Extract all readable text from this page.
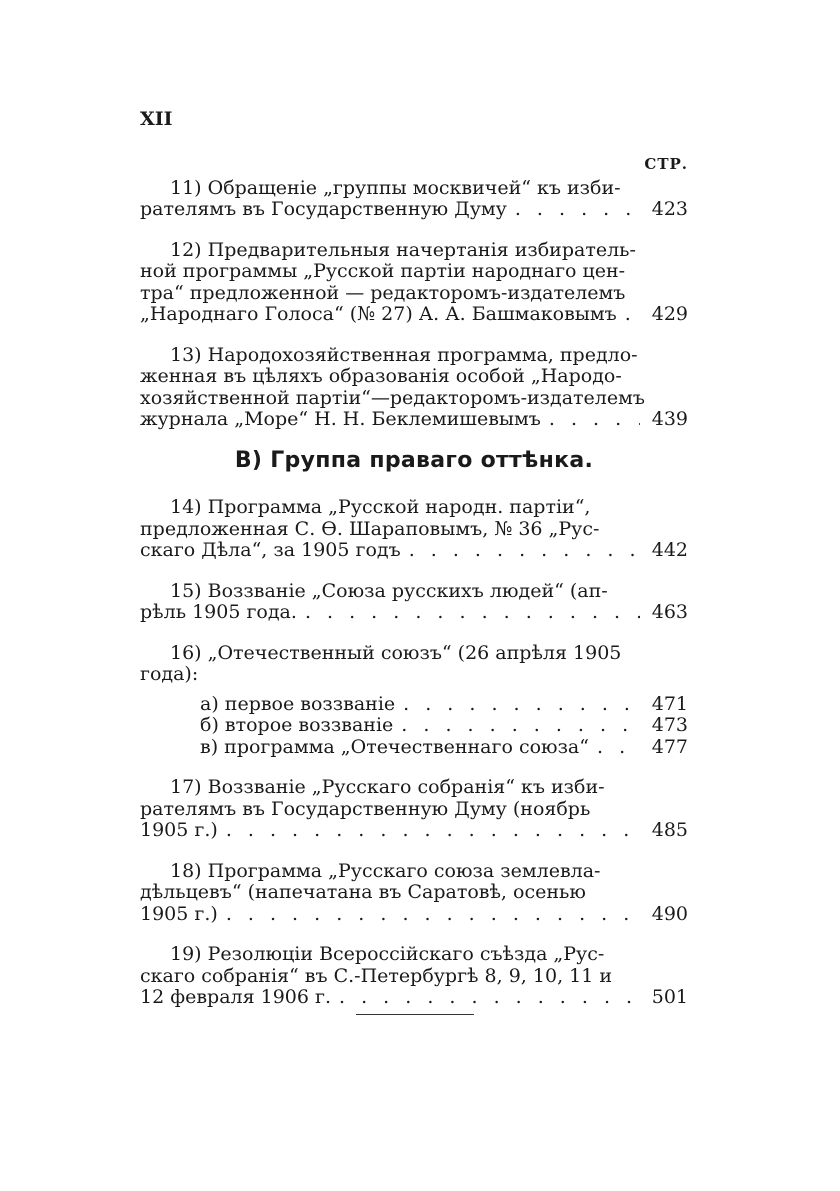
XII
СТР.
11) Обращеніе „группы москвичей“ къ изби-
рателямъ въ Государственную Думу . . .	423
12) Предварительныя начертанія избиратель-
ной программы „Русской партіи народнаго цен-
тра“ предложенной — редакторомъ-издателемъ
„Народнаго Голоса“ (№ 27) А. А. Башмаковымъ . . .	429
13) Народохозяйственная программа, предло-
женная въ цѣляхъ образованія особой „Народо-
хозяйственной партіи“—редакторомъ-издателемъ
журнала „Море“ Н. Н. Беклемишевымъ . . .	439
В) Группа праваго оттѣнка.
14) Программа „Русской народн. партіи“,
предложенная С. Ѳ. Шараповымъ, № 36 „Рус-
скаго Дѣла“, за 1905 годъ . . .	442
15) Воззваніе „Союза русскихъ людей“ (ап-
рѣль 1905 года. . . .	463
16) „Отечественный союзъ“ (26 апрѣля 1905
года):
а) первое воззваніе . . .	471
б) второе воззваніе . . .	473
в) программа „Отечественнаго союза“ . . .	477
17) Воззваніе „Русскаго собранія“ къ изби-
рателямъ въ Государственную Думу (ноябрь
1905 г.) . . .	485
18) Программа „Русскаго союза землевла-
дѣльцевъ“ (напечатана въ Саратовѣ, осенью
1905 г.) . . .	490
19) Резолюціи Всероссійскаго съѣзда „Рус-
скаго собранія“ въ С.-Петербургѣ 8, 9, 10, 11 и
12 февраля 1906 г. . . .	501
